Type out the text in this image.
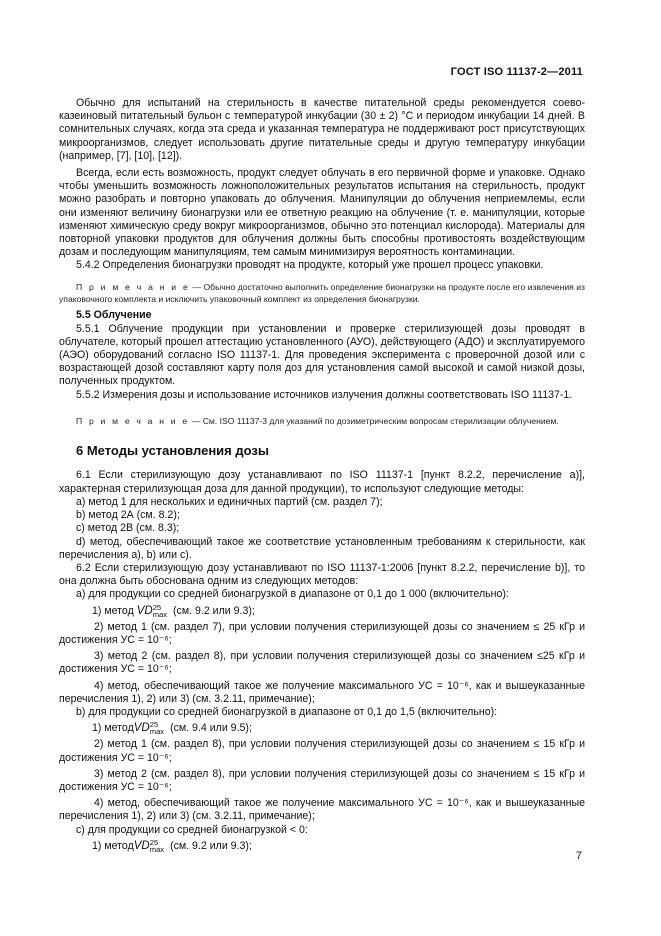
ГОСТ ISO 11137-2—2011

Обычно для испытаний на стерильность в качестве питательной среды рекомендуется соево-казеиновый питательный бульон с температурой инкубации (30 ± 2) °С и периодом инкубации 14 дней. В сомнительных случаях, когда эта среда и указанная температура не поддерживают рост присутствующих микроорганизмов, следует использовать другие питательные среды и другую температуру инкубации (например, [7], [10], [12]).

Всегда, если есть возможность, продукт следует облучать в его первичной форме и упаковке. Однако чтобы уменьшить возможность ложноположительных результатов испытания на стерильность, продукт можно разобрать и повторно упаковать до облучения. Манипуляции до облучения неприемлемы, если они изменяют величину бионагрузки или ее ответную реакцию на облучение (т. е. манипуляции, которые изменяют химическую среду вокруг микроорганизмов, обычно это потенциал кислорода). Материалы для повторной упаковки продуктов для облучения должны быть способны противостоять воздействующим дозам и последующим манипуляциям, тем самым минимизируя вероятность контаминации.

5.4.2 Определения бионагрузки проводят на продукте, который уже прошел процесс упаковки.

П р и м е ч а н и е — Обычно достаточно выполнить определение бионагрузки на продукте после его извлечения из упаковочного комплекта и исключить упаковочный комплект из определения бионагрузки.

5.5 Облучение

5.5.1 Облучение продукции при установлении и проверке стерилизующей дозы проводят в облучателе, который прошел аттестацию установленного (АУО), действующего (АДО) и эксплуатируемого (АЭО) оборудований согласно ISO 11137-1. Для проведения эксперимента с проверочной дозой или с возрастающей дозой составляют карту поля доз для установления самой высокой и самой низкой дозы, полученных продуктом.

5.5.2 Измерения дозы и использование источников излучения должны соответствовать ISO 11137-1.

П р и м е ч а н и е — См. ISO 11137-3 для указаний по дозиметрическим вопросам стерилизации облучением.

6 Методы установления дозы

6.1 Если стерилизующую дозу устанавливают по ISO 11137-1 [пункт 8.2.2, перечисление а)], характерная стерилизующая доза для данной продукции), то используют следующие методы:

а) метод 1 для нескольких и единичных партий (см. раздел 7);

b) метод 2А (см. 8.2);

c) метод 2В (см. 8.3);

d) метод, обеспечивающий такое же соответствие установленным требованиям к стерильности, как перечисления а), b) или с).

6.2 Если стерилизующую дозу устанавливают по ISO 11137-1:2006 [пункт 8.2.2, перечисление b)], то она должна быть обоснована одним из следующих методов:

а) для продукции со средней бионагрузкой в диапазоне от 0,1 до 1 000 (включительно):

1) метод VD 25
max (см. 9.2 или 9.3);

2) метод 1 (см. раздел 7), при условии получения стерилизующей дозы со значением ≤ 25 кГр и достижения УС = 10⁻⁶;

3) метод 2 (см. раздел 8), при условии получения стерилизующей дозы со значением ≤25 кГр и достижения УС = 10⁻⁶;

4) метод, обеспечивающий такое же получение максимального УС = 10⁻⁶, как и вышеуказанные перечисления 1), 2) или 3) (см. 3.2.11, примечание);

b) для продукции со средней бионагрузкой в диапазоне от 0,1 до 1,5 (включительно):

1) методVD 25
max (см. 9.4 или 9.5);

2) метод 1 (см. раздел 8), при условии получения стерилизующей дозы со значением ≤ 15 кГр и достижения УС = 10⁻⁶;

3) метод 2 (см. раздел 8), при условии получения стерилизующей дозы со значением ≤ 15 кГр и достижения УС = 10⁻⁶;

4) метод, обеспечивающий такое же получение максимального УС = 10⁻⁶, как и вышеуказанные перечисления 1), 2) или 3) (см. 3.2.11, примечание);

c) для продукции со средней бионагрузкой < 0:

1) методVD 25
max (см. 9.2 или 9.3);

7
